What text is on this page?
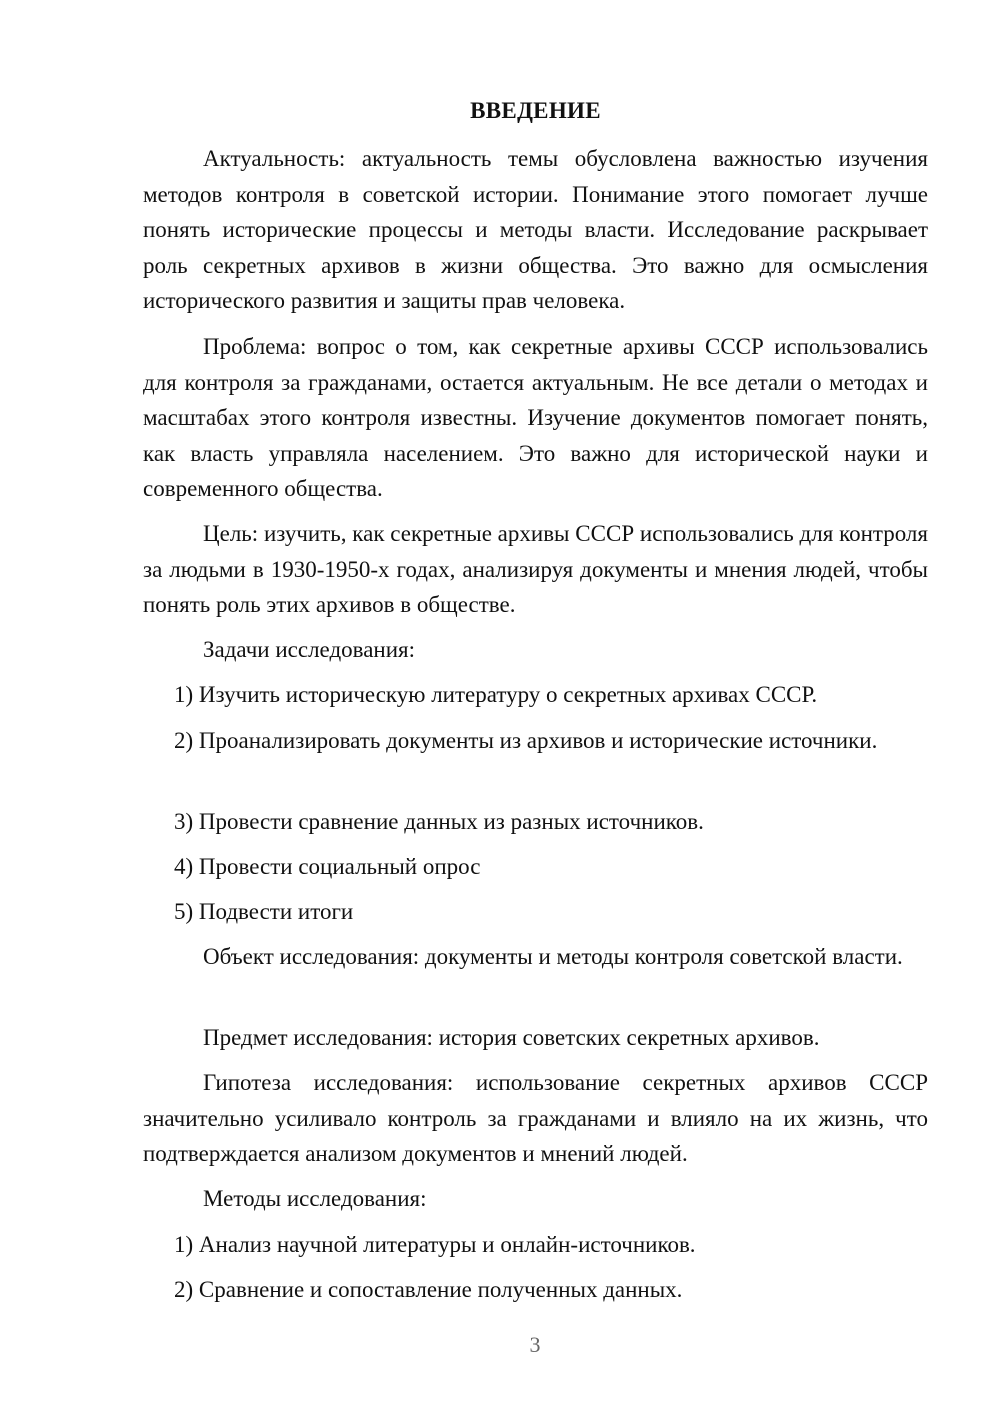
ВВЕДЕНИЕ

Актуальность: актуальность темы обусловлена важностью изучения методов контроля в советской истории. Понимание этого помогает лучше понять исторические процессы и методы власти. Исследование раскрывает роль секретных архивов в жизни общества. Это важно для осмысления исторического развития и защиты прав человека.

Проблема: вопрос о том, как секретные архивы СССР использовались для контроля за гражданами, остается актуальным. Не все детали о методах и масштабах этого контроля известны. Изучение документов помогает понять, как власть управляла населением. Это важно для исторической науки и современного общества.

Цель: изучить, как секретные архивы СССР использовались для контроля за людьми в 1930-1950-х годах, анализируя документы и мнения людей, чтобы понять роль этих архивов в обществе.

Задачи исследования:

1) Изучить историческую литературу о секретных архивах СССР.

2) Проанализировать документы из архивов и исторические источники.

3) Провести сравнение данных из разных источников.

4) Провести социальный опрос

5) Подвести итоги

Объект исследования: документы и методы контроля советской власти.

Предмет исследования: история советских секретных архивов.

Гипотеза исследования: использование секретных архивов СССР значительно усиливало контроль за гражданами и влияло на их жизнь, что подтверждается анализом документов и мнений людей.

Методы исследования:

1) Анализ научной литературы и онлайн-источников.

2) Сравнение и сопоставление полученных данных.

3
